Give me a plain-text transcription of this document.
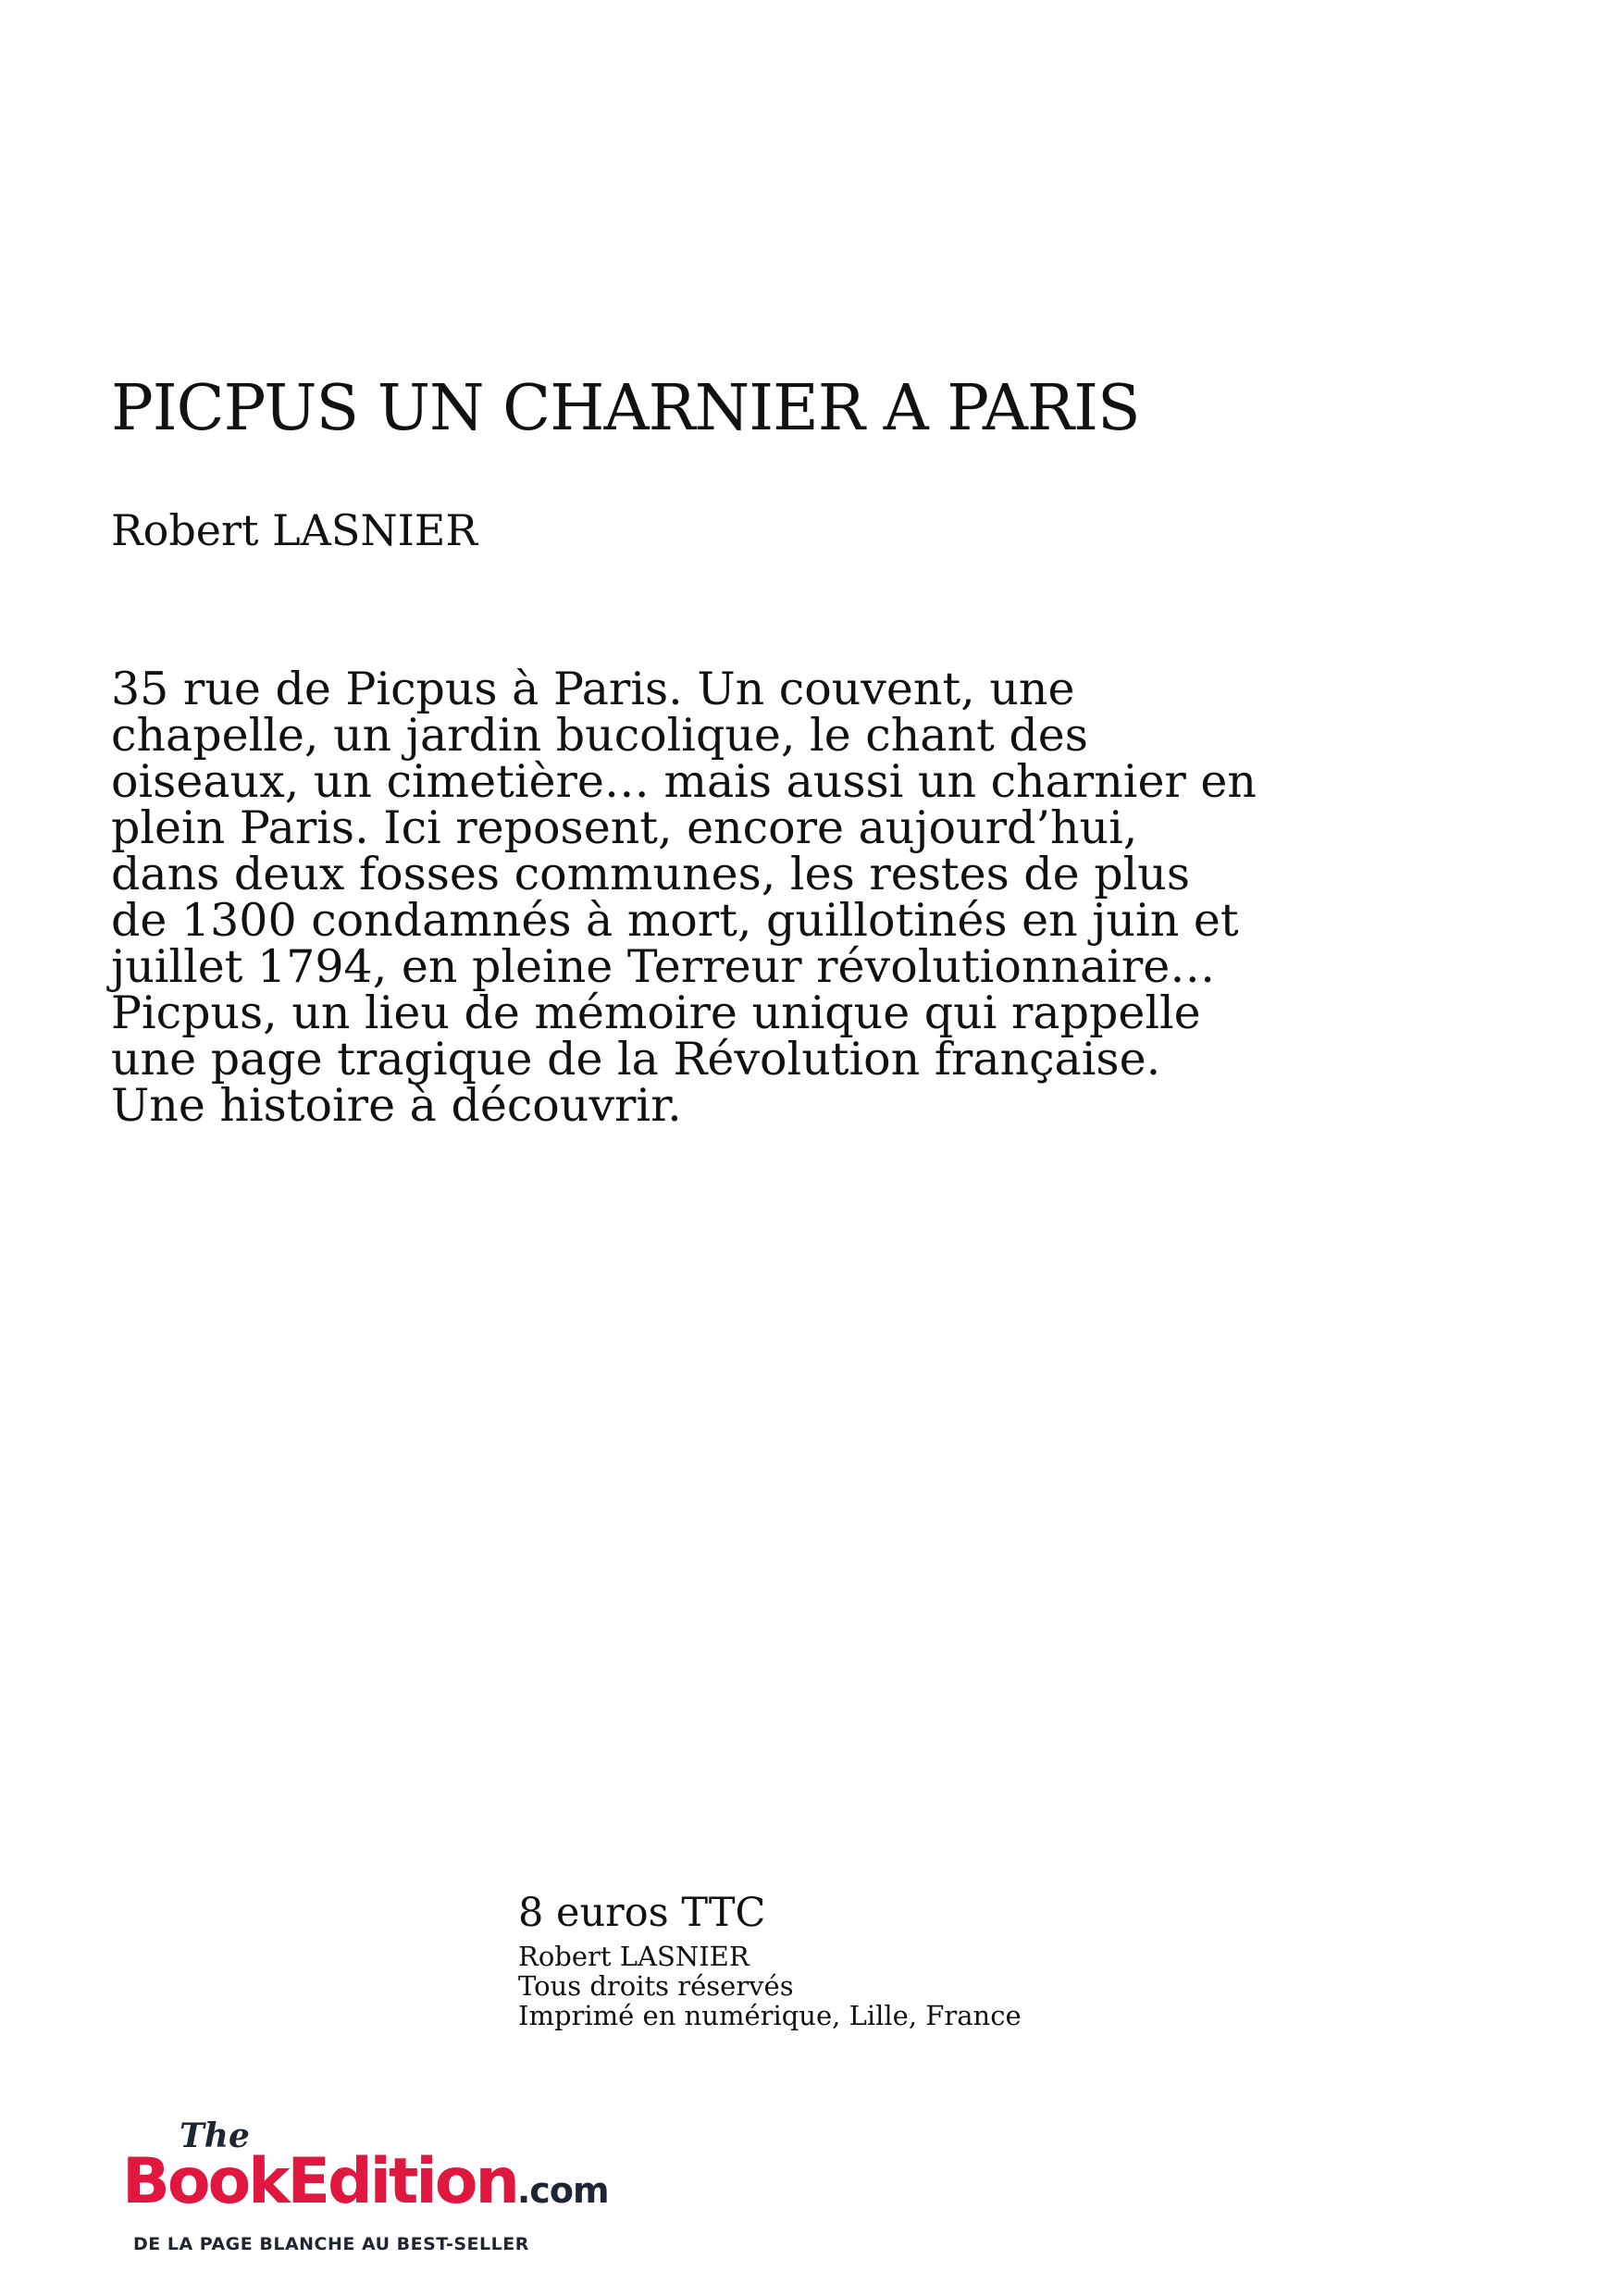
PICPUS UN CHARNIER A PARIS
Robert LASNIER

35 rue de Picpus à Paris. Un couvent, une chapelle, un jardin bucolique, le chant des oiseaux, un cimetière… mais aussi un charnier en plein Paris. Ici reposent, encore aujourd’hui, dans deux fosses communes, les restes de plus de 1300 condamnés à mort, guillotinés en juin et juillet 1794, en pleine Terreur révolutionnaire… Picpus, un lieu de mémoire unique qui rappelle une page tragique de la Révolution française. Une histoire à découvrir.

8 euros TTC
Robert LASNIER
Tous droits réservés
Imprimé en numérique, Lille, France
The
BookEdition.com
DE LA PAGE BLANCHE AU BEST-SELLER
